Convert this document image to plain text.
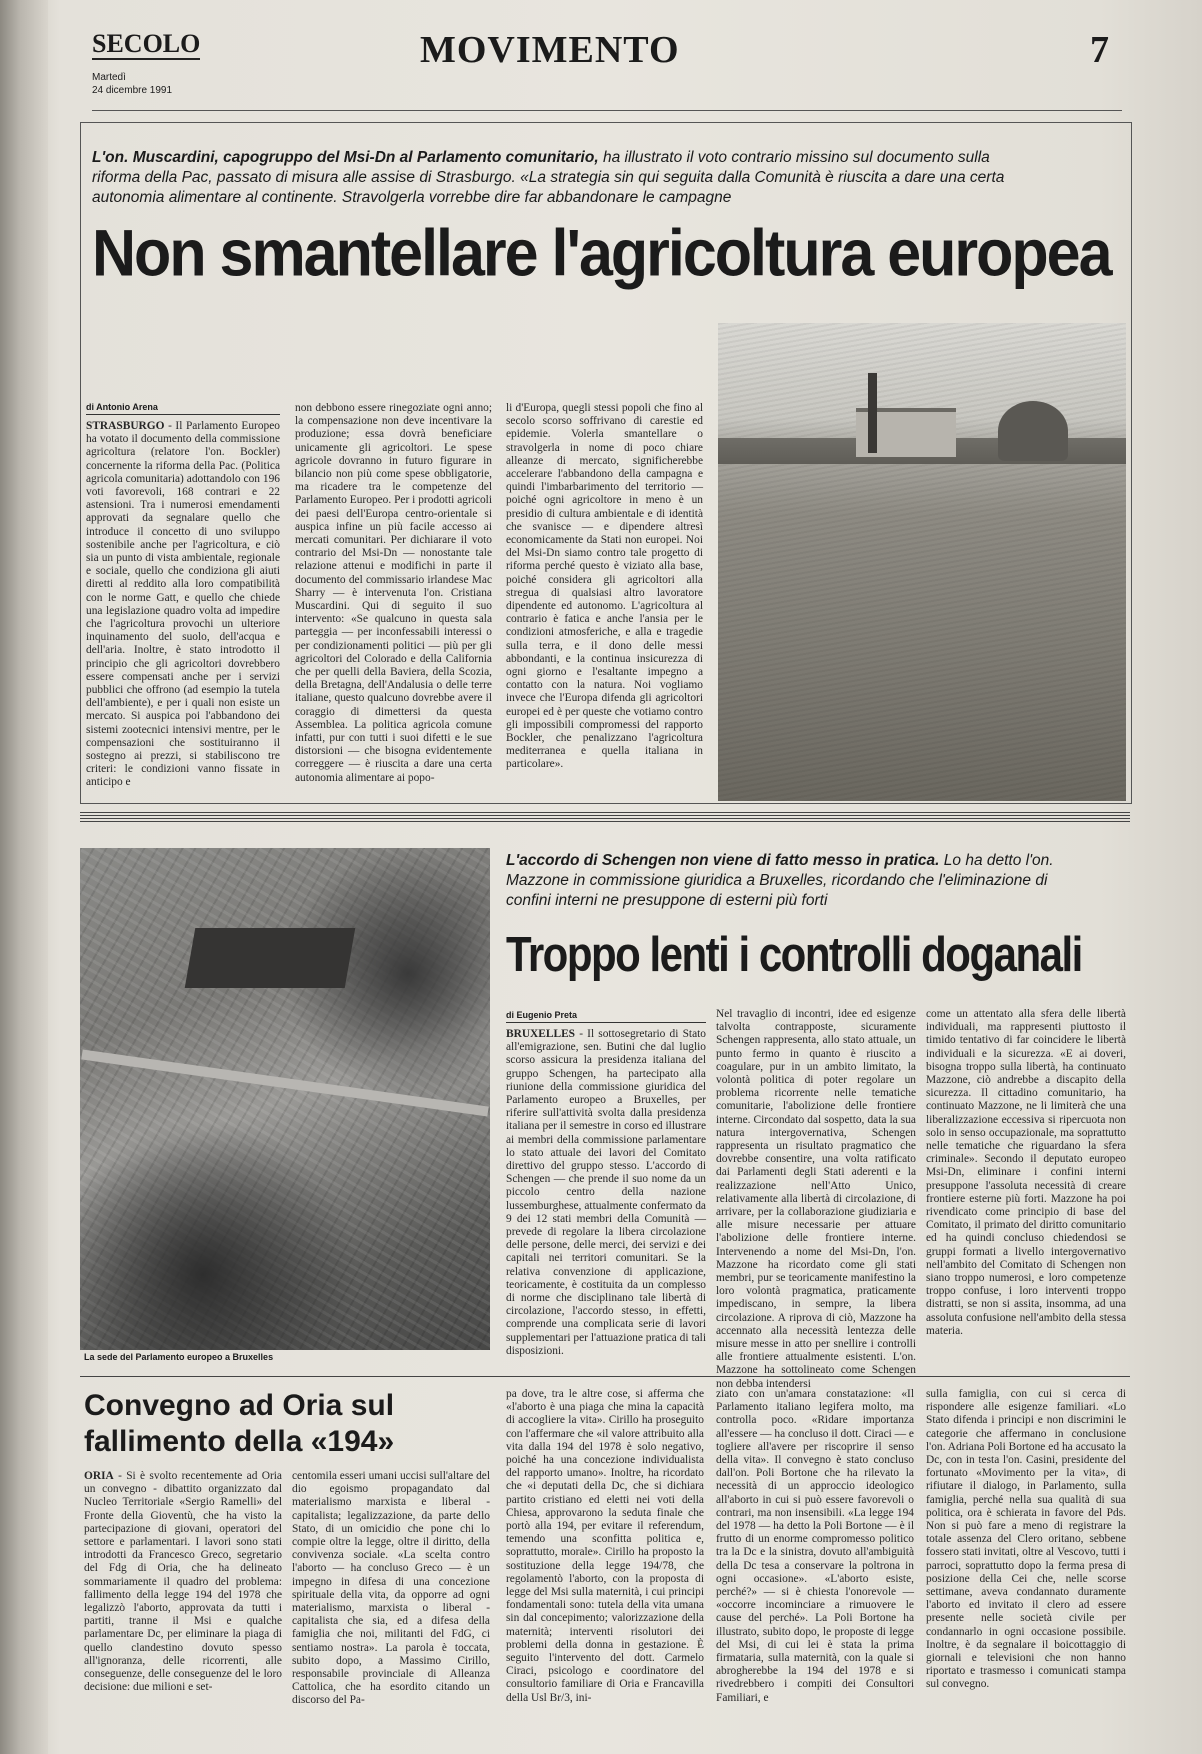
SECOLO
Martedì
24 dicembre 1991
MOVIMENTO	7
L'on. Muscardini, capogruppo del Msi-Dn al Parlamento comunitario, ha illustrato il voto contrario missino sul documento sulla riforma della Pac, passato di misura alle assise di Strasburgo. «La strategia sin qui seguita dalla Comunità è riuscita a dare una certa autonomia alimentare al continente. Stravolgerla vorrebbe dire far abbandonare le campagne
Non smantellare l'agricoltura europea
di Antonio Arena
STRASBURGO - Il Parlamento Europeo ha votato il documento della commissione agricoltura (relatore l'on. Bockler) concernente la riforma della Pac. (Politica agricola comunitaria) adottandolo con 196 voti favorevoli, 168 contrari e 22 astensioni. Tra i numerosi emendamenti approvati da segnalare quello che introduce il concetto di uno sviluppo sostenibile anche per l'agricoltura, e ciò sia un punto di vista ambientale, regionale e sociale, quello che condiziona gli aiuti diretti al reddito alla loro compatibilità con le norme Gatt, e quello che chiede una legislazione quadro volta ad impedire che l'agricoltura provochi un ulteriore inquinamento del suolo, dell'acqua e dell'aria. Inoltre, è stato introdotto il principio che gli agricoltori dovrebbero essere compensati anche per i servizi pubblici che offrono (ad esempio la tutela dell'ambiente), e per i quali non esiste un mercato. Si auspica poi l'abbandono dei sistemi zootecnici intensivi mentre, per le compensazioni che sostituiranno il sostegno ai prezzi, si stabiliscono tre criteri: le condizioni vanno fissate in anticipo e
non debbono essere rinegoziate ogni anno; la compensazione non deve incentivare la produzione; essa dovrà beneficiare unicamente gli agricoltori. Le spese agricole dovranno in futuro figurare in bilancio non più come spese obbligatorie, ma ricadere tra le competenze del Parlamento Europeo. Per i prodotti agricoli dei paesi dell'Europa centro-orientale si auspica infine un più facile accesso ai mercati comunitari. Per dichiarare il voto contrario del Msi-Dn — nonostante tale relazione attenui e modifichi in parte il documento del commissario irlandese Mac Sharry — è intervenuta l'on. Cristiana Muscardini. Qui di seguito il suo intervento: «Se qualcuno in questa sala parteggia — per inconfessabili interessi o per condizionamenti politici — più per gli agricoltori del Colorado e della California che per quelli della Baviera, della Scozia, della Bretagna, dell'Andalusia o delle terre italiane, questo qualcuno dovrebbe avere il coraggio di dimettersi da questa Assemblea. La politica agricola comune infatti, pur con tutti i suoi difetti e le sue distorsioni — che bisogna evidentemente correggere — è riuscita a dare una certa autonomia alimentare ai popo-
li d'Europa, quegli stessi popoli che fino al secolo scorso soffrivano di carestie ed epidemie. Volerla smantellare o stravolgerla in nome di poco chiare alleanze di mercato, significherebbe accelerare l'abbandono della campagna e quindi l'imbarbarimento del territorio — poiché ogni agricoltore in meno è un presidio di cultura ambientale e di identità che svanisce — e dipendere altresì economicamente da Stati non europei. Noi del Msi-Dn siamo contro tale progetto di riforma perché questo è viziato alla base, poiché considera gli agricoltori alla stregua di qualsiasi altro lavoratore dipendente ed autonomo. L'agricoltura al contrario è fatica e anche l'ansia per le condizioni atmosferiche, e alla e tragedie sulla terra, e il dono delle messi abbondanti, e la continua insicurezza di ogni giorno e l'esaltante impegno a contatto con la natura. Noi vogliamo invece che l'Europa difenda gli agricoltori europei ed è per queste che votiamo contro gli impossibili compromessi del rapporto Bockler, che penalizzano l'agricoltura mediterranea e quella italiana in particolare».
La sede del Parlamento europeo a Bruxelles
L'accordo di Schengen non viene di fatto messo in pratica. Lo ha detto l'on. Mazzone in commissione giuridica a Bruxelles, ricordando che l'eliminazione di confini interni ne presuppone di esterni più forti
Troppo lenti i controlli doganali
di Eugenio Preta
BRUXELLES - Il sottosegretario di Stato all'emigrazione, sen. Butini che dal luglio scorso assicura la presidenza italiana del gruppo Schengen, ha partecipato alla riunione della commissione giuridica del Parlamento europeo a Bruxelles, per riferire sull'attività svolta dalla presidenza italiana per il semestre in corso ed illustrare ai membri della commissione parlamentare lo stato attuale dei lavori del Comitato direttivo del gruppo stesso. L'accordo di Schengen — che prende il suo nome da un piccolo centro della nazione lussemburghese, attualmente confermato da 9 dei 12 stati membri della Comunità — prevede di regolare la libera circolazione delle persone, delle merci, dei servizi e dei capitali nei territori comunitari. Se la relativa convenzione di applicazione, teoricamente, è costituita da un complesso di norme che disciplinano tale libertà di circolazione, l'accordo stesso, in effetti, comprende una complicata serie di lavori supplementari per l'attuazione pratica di tali disposizioni.
Nel travaglio di incontri, idee ed esigenze talvolta contrapposte, sicuramente Schengen rappresenta, allo stato attuale, un punto fermo in quanto è riuscito a coagulare, pur in un ambito limitato, la volontà politica di poter regolare un problema ricorrente nelle tematiche comunitarie, l'abolizione delle frontiere interne. Circondato dal sospetto, data la sua natura intergovernativa, Schengen rappresenta un risultato pragmatico che dovrebbe consentire, una volta ratificato dai Parlamenti degli Stati aderenti e la realizzazione nell'Atto Unico, relativamente alla libertà di circolazione, di arrivare, per la collaborazione giudiziaria e alle misure necessarie per attuare l'abolizione delle frontiere interne. Intervenendo a nome del Msi-Dn, l'on. Mazzone ha ricordato come gli stati membri, pur se teoricamente manifestino la loro volontà pragmatica, praticamente impediscano, in sempre, la libera circolazione. A riprova di ciò, Mazzone ha accennato alla necessità lentezza delle misure messe in atto per snellire i controlli alle frontiere attualmente esistenti. L'on. Mazzone ha sottolineato come Schengen non debba intendersi
come un attentato alla sfera delle libertà individuali, ma rappresenti piuttosto il timido tentativo di far coincidere le libertà individuali e la sicurezza. «E ai doveri, bisogna troppo sulla libertà, ha continuato Mazzone, ciò andrebbe a discapito della sicurezza. Il cittadino comunitario, ha continuato Mazzone, ne li limiterà che una liberalizzazione eccessiva si ripercuota non solo in senso occupazionale, ma soprattutto nelle tematiche che riguardano la sfera criminale». Secondo il deputato europeo Msi-Dn, eliminare i confini interni presuppone l'assoluta necessità di creare frontiere esterne più forti. Mazzone ha poi rivendicato come principio di base del Comitato, il primato del diritto comunitario ed ha quindi concluso chiedendosi se gruppi formati a livello intergovernativo nell'ambito del Comitato di Schengen non siano troppo numerosi, e loro competenze troppo confuse, i loro interventi troppo distratti, se non si assita, insomma, ad una assoluta confusione nell'ambito della stessa materia.
Convegno ad Oria sul fallimento della «194»
ORIA - Si è svolto recentemente ad Oria un convegno - dibattito organizzato dal Nucleo Territoriale «Sergio Ramelli» del Fronte della Gioventù, che ha visto la partecipazione di giovani, operatori del settore e parlamentari. I lavori sono stati introdotti da Francesco Greco, segretario del Fdg di Oria, che ha delineato sommariamente il quadro del problema: fallimento della legge 194 del 1978 che legalizzò l'aborto, approvata da tutti i partiti, tranne il Msi e qualche parlamentare Dc, per eliminare la piaga di quello clandestino dovuto spesso all'ignoranza, delle ricorrenti, alle conseguenze, delle conseguenze del le loro decisione: due milioni e set-
centomila esseri umani uccisi sull'altare del dio egoismo propagandato dal materialismo marxista e liberal - capitalista; legalizzazione, da parte dello Stato, di un omicidio che pone chi lo compie oltre la legge, oltre il diritto, della convivenza sociale. «La scelta contro l'aborto — ha concluso Greco — è un impegno in difesa di una concezione spirituale della vita, da opporre ad ogni materialismo, marxista o liberal - capitalista che sia, ed a difesa della famiglia che noi, militanti del FdG, ci sentiamo nostra». La parola è toccata, subito dopo, a Massimo Cirillo, responsabile provinciale di Alleanza Cattolica, che ha esordito citando un discorso del Pa-
pa dove, tra le altre cose, si afferma che «l'aborto è una piaga che mina la capacità di accogliere la vita». Cirillo ha proseguito con l'affermare che «il valore attribuito alla vita dalla 194 del 1978 è solo negativo, poiché ha una concezione individualista del rapporto umano». Inoltre, ha ricordato che «i deputati della Dc, che si dichiara partito cristiano ed eletti nei voti della Chiesa, approvarono la seduta finale che portò alla 194, per evitare il referendum, temendo una sconfitta politica e, soprattutto, morale». Cirillo ha proposto la sostituzione della legge 194/78, che regolamentò l'aborto, con la proposta di legge del Msi sulla maternità, i cui principi fondamentali sono: tutela della vita umana sin dal concepimento; valorizzazione della maternità; interventi risolutori dei problemi della donna in gestazione. È seguito l'intervento del dott. Carmelo Ciraci, psicologo e coordinatore del consultorio familiare di Oria e Francavilla della Usl Br/3, ini-
ziato con un'amara constatazione: «Il Parlamento italiano legifera molto, ma controlla poco. «Ridare importanza all'essere — ha concluso il dott. Ciraci — e togliere all'avere per riscoprire il senso della vita». Il convegno è stato concluso dall'on. Poli Bortone che ha rilevato la necessità di un approccio ideologico all'aborto in cui si può essere favorevoli o contrari, ma non insensibili. «La legge 194 del 1978 — ha detto la Poli Bortone — è il frutto di un enorme compromesso politico tra la Dc e la sinistra, dovuto all'ambiguità della Dc tesa a conservare la poltrona in ogni occasione». «L'aborto esiste, perché?» — si è chiesta l'onorevole — «occorre incominciare a rimuovere le cause del perché». La Poli Bortone ha illustrato, subito dopo, le proposte di legge del Msi, di cui lei è stata la prima firmataria, sulla maternità, con la quale si abrogherebbe la 194 del 1978 e si rivedrebbero i compiti dei Consultori Familiari, e
sulla famiglia, con cui si cerca di rispondere alle esigenze familiari. «Lo Stato difenda i principi e non discrimini le categorie che affermano in conclusione l'on. Adriana Poli Bortone ed ha accusato la Dc, con in testa l'on. Casini, presidente del fortunato «Movimento per la vita», di rifiutare il dialogo, in Parlamento, sulla famiglia, perché nella sua qualità di sua politica, ora è schierata in favore del Pds. Non si può fare a meno di registrare la totale assenza del Clero oritano, sebbene fossero stati invitati, oltre al Vescovo, tutti i parroci, soprattutto dopo la ferma presa di posizione della Cei che, nelle scorse settimane, aveva condannato duramente l'aborto ed invitato il clero ad essere presente nelle società civile per condannarlo in ogni occasione possibile. Inoltre, è da segnalare il boicottaggio di giornali e televisioni che non hanno riportato e trasmesso i comunicati stampa sul convegno.
